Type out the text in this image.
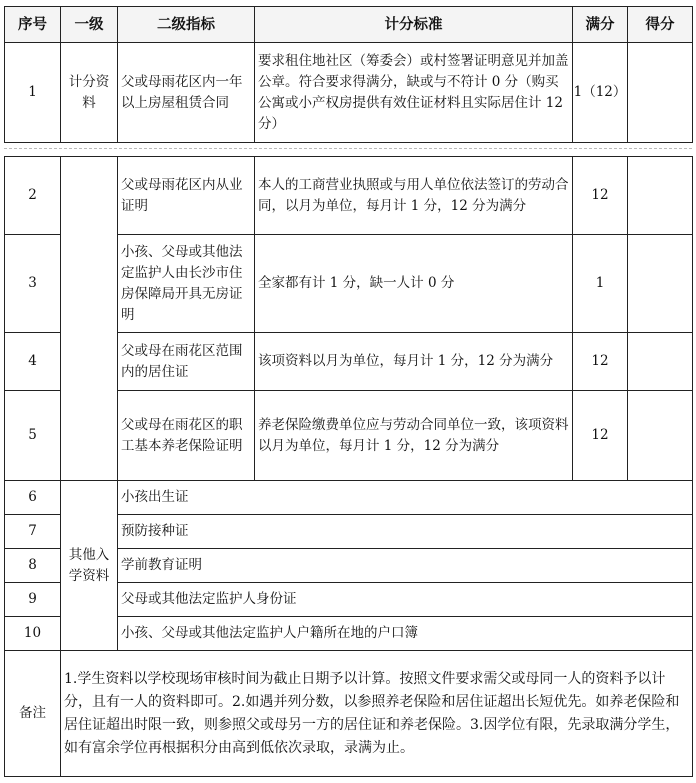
序号	一级	二级指标	计分标准	满分	得分
1	计分资料	父或母雨花区内一年以上房屋租赁合同	要求租住地社区（筹委会）或村签署证明意见并加盖公章。符合要求得满分，缺或与不符计 0 分（购买公寓或小产权房提供有效住证材料且实际居住计 12 分）	1（12）	
2		父或母雨花区内从业证明	本人的工商营业执照或与用人单位依法签订的劳动合同，以月为单位，每月计 1 分，12 分为满分	12	
3		小孩、父母或其他法定监护人由长沙市住房保障局开具无房证明	全家都有计 1 分，缺一人计 0 分	1	
4		父或母在雨花区范围内的居住证	该项资料以月为单位，每月计 1 分，12 分为满分	12	
5		父或母在雨花区的职工基本养老保险证明	养老保险缴费单位应与劳动合同单位一致，该项资料以月为单位，每月计 1 分，12 分为满分	12	
6	其他入学资料	小孩出生证			
7		预防接种证			
8		学前教育证明			
9		父母或其他法定监护人身份证			
10		小孩、父母或其他法定监护人户籍所在地的户口簿			
备注	1.学生资料以学校现场审核时间为截止日期予以计算。按照文件要求需父或母同一人的资料予以计分，且有一人的资料即可。2.如遇并列分数，以参照养老保险和居住证超出长短优先。如养老保险和居住证超出时限一致，则参照父或母另一方的居住证和养老保险。3.因学位有限，先录取满分学生，如有富余学位再根据积分由高到低依次录取，录满为止。				
